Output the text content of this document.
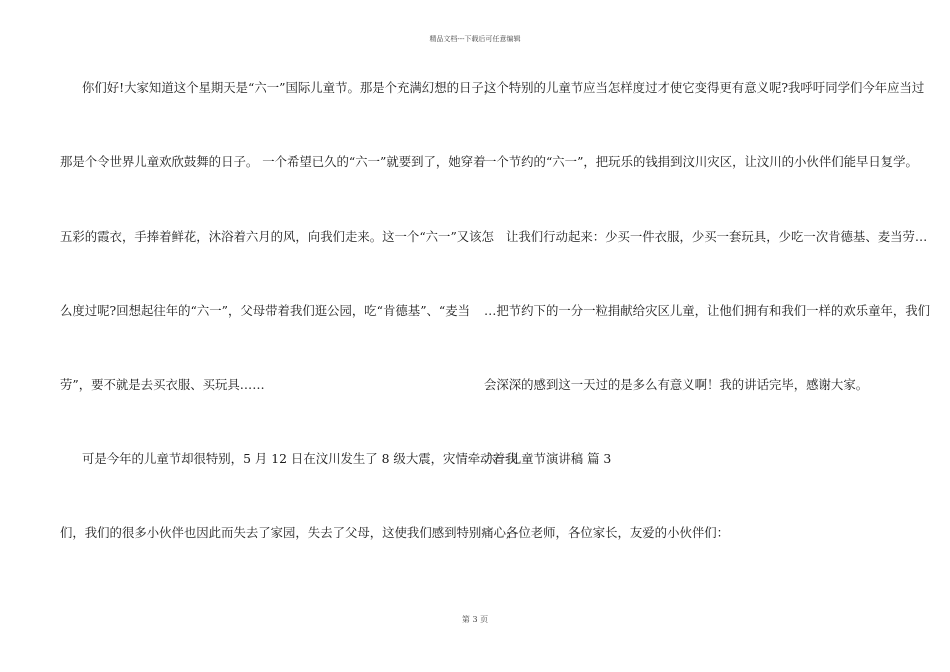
精品文档---下载后可任意编辑
你们好!大家知道这个星期天是“六一”国际儿童节。那是个充满幻想的日子，
那是个令世界儿童欢欣鼓舞的日子。 一个希望已久的“六一”就要到了，她穿着
五彩的霞衣，手捧着鲜花，沐浴着六月的风，向我们走来。这一个“六一”又该怎
么度过呢?回想起往年的“六一”，父母带着我们逛公园，吃“肯德基”、“麦当
劳”，要不就是去买衣服、买玩具……
可是今年的儿童节却很特别，5 月 12 日在汶川发生了 8 级大震，灾情牵动着我
们，我们的很多小伙伴也因此而失去了家园，失去了父母，这使我们感到特别痛心;
这个特别的儿童节应当怎样度过才使它变得更有意义呢?我呼吁同学们今年应当过
一个节约的“六一”，把玩乐的钱捐到汶川灾区，让汶川的小伙伴们能早日复学。
让我们行动起来：少买一件衣服，少买一套玩具，少吃一次肯德基、麦当劳…
…把节约下的一分一粒捐献给灾区儿童，让他们拥有和我们一样的欢乐童年，我们
会深深的感到这一天过的是多么有意义啊！我的讲话完毕，感谢大家。
六一儿童节演讲稿 篇 3
各位老师，各位家长，友爱的小伙伴们：
第 3 页
